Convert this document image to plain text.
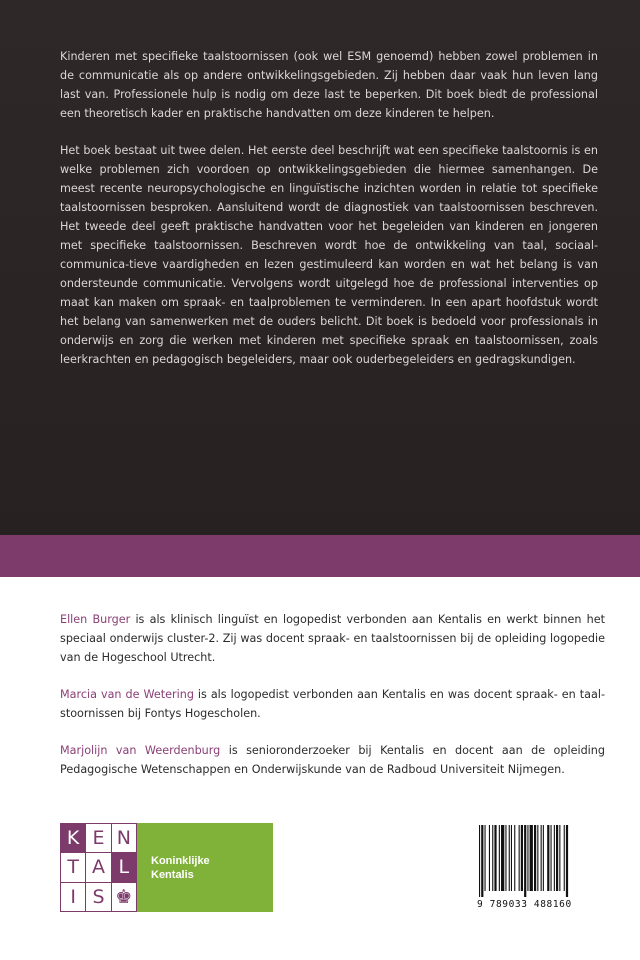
Kinderen met specifieke taalstoornissen (ook wel ESM genoemd) hebben zowel problemen in de communicatie als op andere ontwikkelingsgebieden. Zij hebben daar vaak hun leven lang last van. Professionele hulp is nodig om deze last te beperken. Dit boek biedt de professional een theoretisch kader en praktische handvatten om deze kinderen te helpen.

Het boek bestaat uit twee delen. Het eerste deel beschrijft wat een specifieke taalstoornis is en welke problemen zich voordoen op ontwikkelingsgebieden die hiermee samenhangen. De meest recente neuropsychologische en linguïstische inzichten worden in relatie tot specifieke taalstoornissen besproken. Aansluitend wordt de diagnostiek van taalstoornissen beschreven. Het tweede deel geeft praktische handvatten voor het begeleiden van kinderen en jongeren met specifieke taalstoornissen. Beschreven wordt hoe de ontwikkeling van taal, sociaal-communica-tieve vaardigheden en lezen gestimuleerd kan worden en wat het belang is van ondersteunde communicatie. Vervolgens wordt uitgelegd hoe de professional interventies op maat kan maken om spraak- en taalproblemen te verminderen. In een apart hoofdstuk wordt het belang van samenwerken met de ouders belicht. Dit boek is bedoeld voor professionals in onderwijs en zorg die werken met kinderen met specifieke spraak en taalstoornissen, zoals leerkrachten en pedagogisch begeleiders, maar ook ouderbegeleiders en gedragskundigen.

Ellen Burger is als klinisch linguïst en logopedist verbonden aan Kentalis en werkt binnen het speciaal onderwijs cluster-2. Zij was docent spraak- en taalstoornissen bij de opleiding logopedie van de Hogeschool Utrecht.

Marcia van de Wetering is als logopedist verbonden aan Kentalis en was docent spraak- en taal-stoornissen bij Fontys Hogescholen.

Marjolijn van Weerdenburg is senioronderzoeker bij Kentalis en docent aan de opleiding Pedagogische Wetenschappen en Onderwijskunde van de Radboud Universiteit Nijmegen.

K E N
T A L
I S ♚
Koninklijke
Kentalis
9 789033 488160
